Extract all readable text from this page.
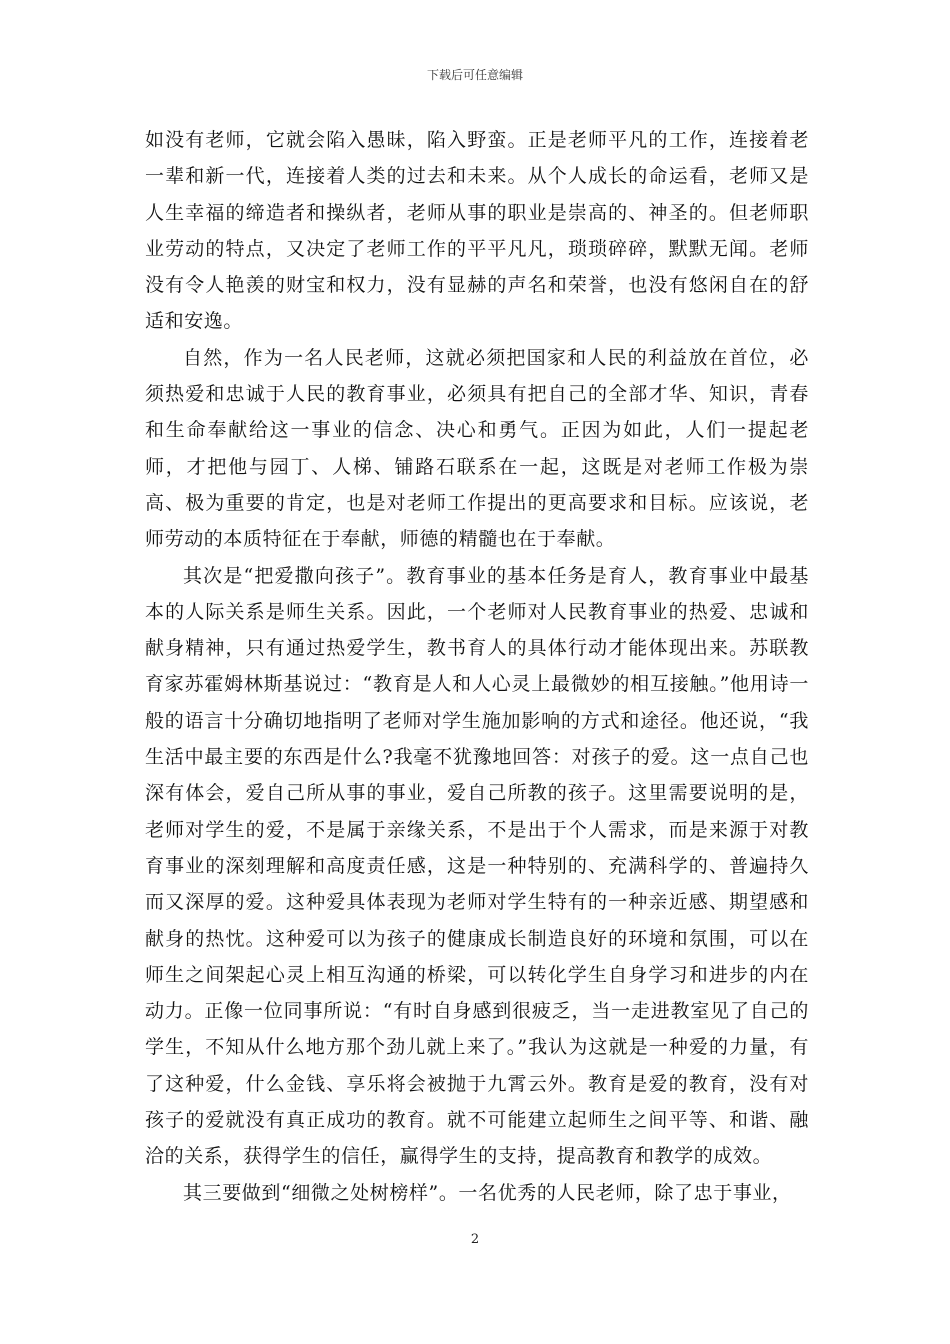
下载后可任意编辑

如没有老师，它就会陷入愚昧，陷入野蛮。正是老师平凡的工作，连接着老一辈和新一代，连接着人类的过去和未来。从个人成长的命运看，老师又是人生幸福的缔造者和操纵者，老师从事的职业是崇高的、神圣的。但老师职业劳动的特点，又决定了老师工作的平平凡凡，琐琐碎碎，默默无闻。老师没有令人艳羡的财宝和权力，没有显赫的声名和荣誉，也没有悠闲自在的舒适和安逸。

自然，作为一名人民老师，这就必须把国家和人民的利益放在首位，必须热爱和忠诚于人民的教育事业，必须具有把自己的全部才华、知识，青春和生命奉献给这一事业的信念、决心和勇气。正因为如此，人们一提起老师，才把他与园丁、人梯、铺路石联系在一起，这既是对老师工作极为崇高、极为重要的肯定，也是对老师工作提出的更高要求和目标。应该说，老师劳动的本质特征在于奉献，师德的精髓也在于奉献。

其次是“把爱撒向孩子”。教育事业的基本任务是育人，教育事业中最基本的人际关系是师生关系。因此，一个老师对人民教育事业的热爱、忠诚和献身精神，只有通过热爱学生，教书育人的具体行动才能体现出来。苏联教育家苏霍姆林斯基说过：“教育是人和人心灵上最微妙的相互接触。”他用诗一般的语言十分确切地指明了老师对学生施加影响的方式和途径。他还说，“我生活中最主要的东西是什么?我毫不犹豫地回答：对孩子的爱。这一点自己也深有体会，爱自己所从事的事业，爱自己所教的孩子。这里需要说明的是，老师对学生的爱，不是属于亲缘关系，不是出于个人需求，而是来源于对教育事业的深刻理解和高度责任感，这是一种特别的、充满科学的、普遍持久而又深厚的爱。这种爱具体表现为老师对学生特有的一种亲近感、期望感和献身的热忱。这种爱可以为孩子的健康成长制造良好的环境和氛围，可以在师生之间架起心灵上相互沟通的桥梁，可以转化学生自身学习和进步的内在动力。正像一位同事所说：“有时自身感到很疲乏，当一走进教室见了自己的学生，不知从什么地方那个劲儿就上来了。”我认为这就是一种爱的力量，有了这种爱，什么金钱、享乐将会被抛于九霄云外。教育是爱的教育，没有对孩子的爱就没有真正成功的教育。就不可能建立起师生之间平等、和谐、融洽的关系，获得学生的信任，赢得学生的支持，提高教育和教学的成效。

其三要做到“细微之处树榜样”。一名优秀的人民老师，除了忠于事业，

2
